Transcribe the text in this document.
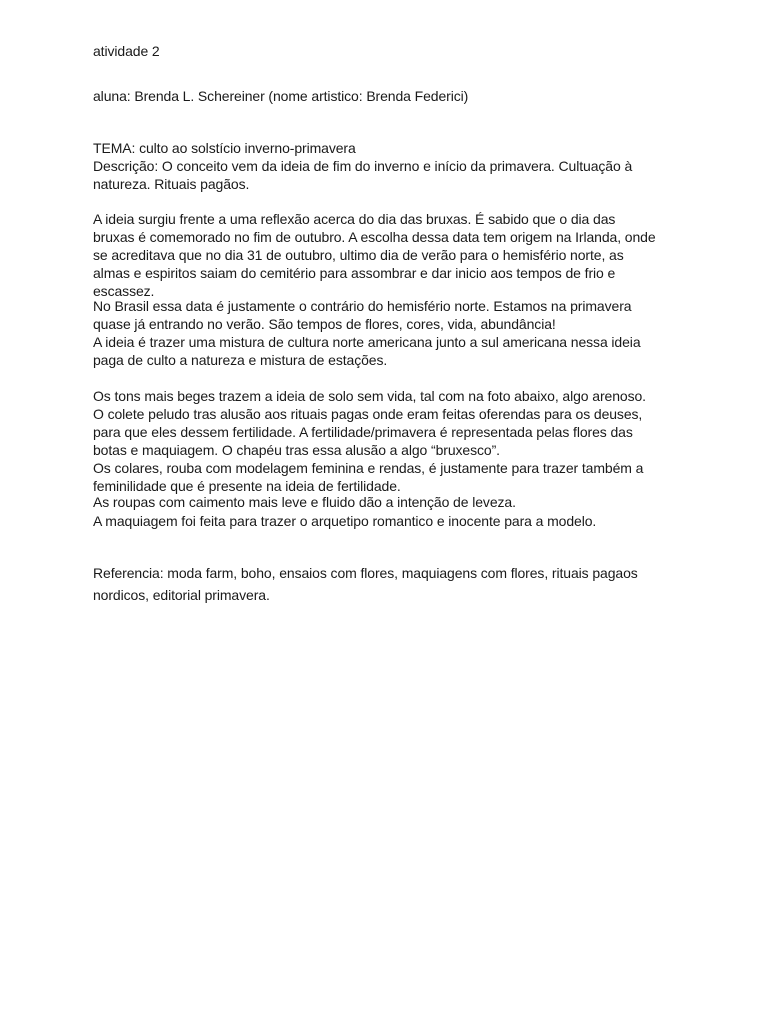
atividade 2
aluna: Brenda L. Schereiner (nome artistico: Brenda Federici)
TEMA: culto ao solstício inverno-primavera
Descrição: O conceito vem da ideia de fim do inverno e início da primavera. Cultuação à
natureza. Rituais pagãos.
A ideia surgiu frente a uma reflexão acerca do dia das bruxas. É sabido que o dia das
bruxas é comemorado no fim de outubro. A escolha dessa data tem origem na Irlanda, onde
se acreditava que no dia 31 de outubro, ultimo dia de verão para o hemisfério norte, as
almas e espiritos saiam do cemitério para assombrar e dar inicio aos tempos de frio e
escassez.
No Brasil essa data é justamente o contrário do hemisfério norte. Estamos na primavera
quase já entrando no verão. São tempos de flores, cores, vida, abundância!
A ideia é trazer uma mistura de cultura norte americana junto a sul americana nessa ideia
paga de culto a natureza e mistura de estações.
Os tons mais beges trazem a ideia de solo sem vida, tal com na foto abaixo, algo arenoso.
O colete peludo tras alusão aos rituais pagas onde eram feitas oferendas para os deuses,
para que eles dessem fertilidade. A fertilidade/primavera é representada pelas flores das
botas e maquiagem. O chapéu tras essa alusão a algo “bruxesco”.
Os colares, rouba com modelagem feminina e rendas, é justamente para trazer também a
feminilidade que é presente na ideia de fertilidade.
As roupas com caimento mais leve e fluido dão a intenção de leveza.
A maquiagem foi feita para trazer o arquetipo romantico e inocente para a modelo.
Referencia: moda farm, boho, ensaios com flores, maquiagens com flores, rituais pagaos
nordicos, editorial primavera.
